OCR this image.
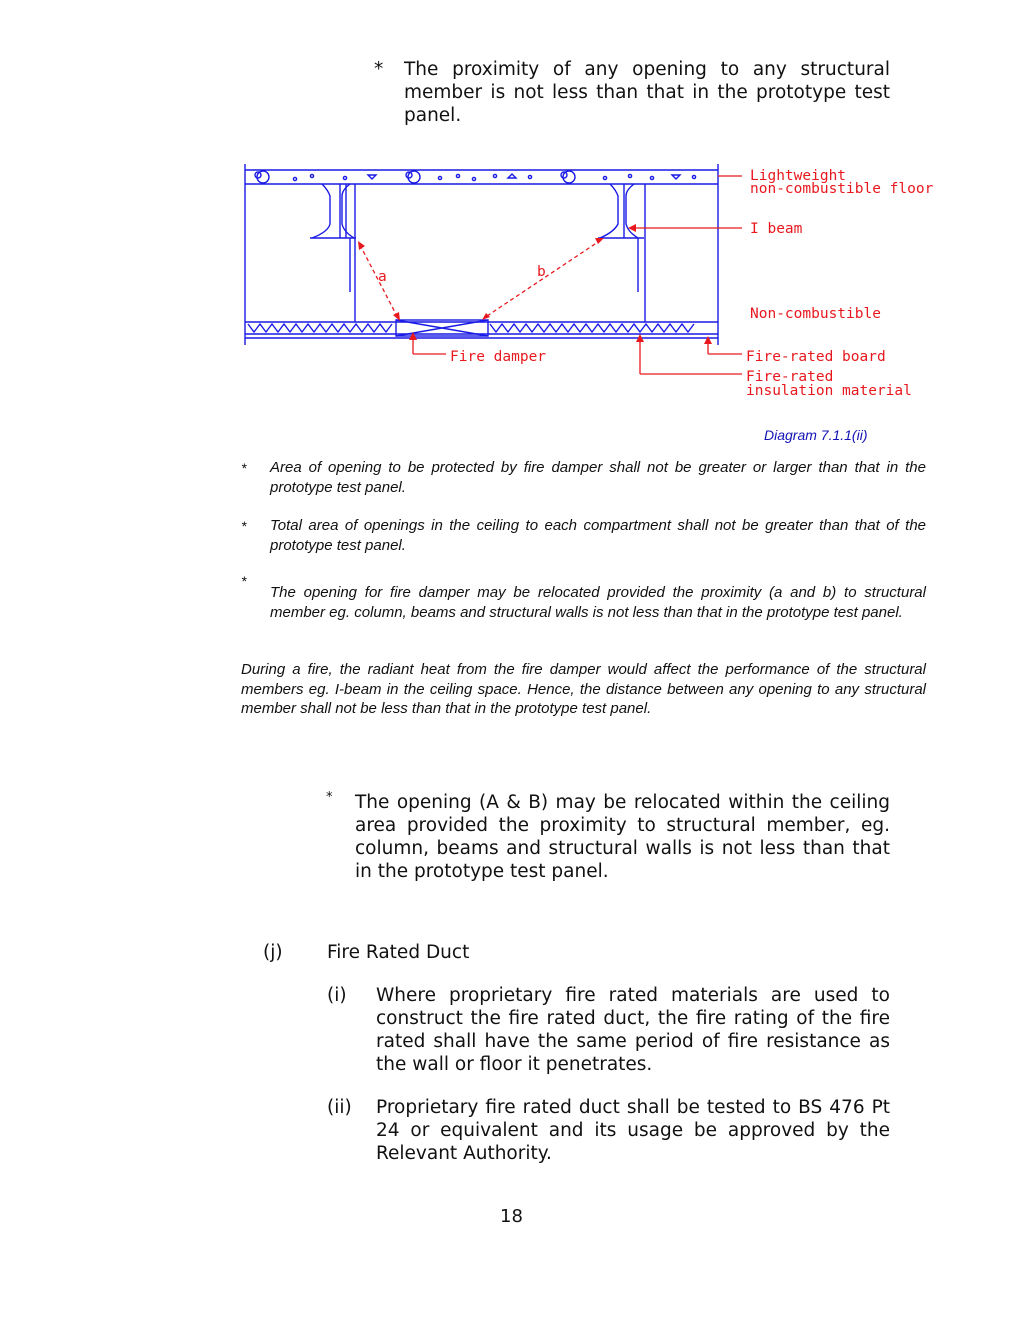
* The proximity of any opening to any structural member is not less than that in the prototype test panel.
Lightweight
non-combustible floor
I beam
Non-combustible
Fire damper	Fire-rated board
Fire-rated
insulation material
a	b
Diagram 7.1.1(ii)
* Area of opening to be protected by fire damper shall not be greater or larger than that in the prototype test panel.
* Total area of openings in the ceiling to each compartment shall not be greater than that of the prototype test panel.
*
The opening for fire damper may be relocated provided the proximity (a and b) to structural member eg. column, beams and structural walls is not less than that in the prototype test panel.
During a fire, the radiant heat from the fire damper would affect the performance of the structural members eg. I-beam in the ceiling space. Hence, the distance between any opening to any structural member shall not be less than that in the prototype test panel.
* The opening (A & B) may be relocated within the ceiling area provided the proximity to structural member, eg. column, beams and structural walls is not less than that in the prototype test panel.
(j) Fire Rated Duct
(i) Where proprietary fire rated materials are used to construct the fire rated duct, the fire rating of the fire rated shall have the same period of fire resistance as the wall or floor it penetrates.
(ii) Proprietary fire rated duct shall be tested to BS 476 Pt 24 or equivalent and its usage be approved by the Relevant Authority.
18
